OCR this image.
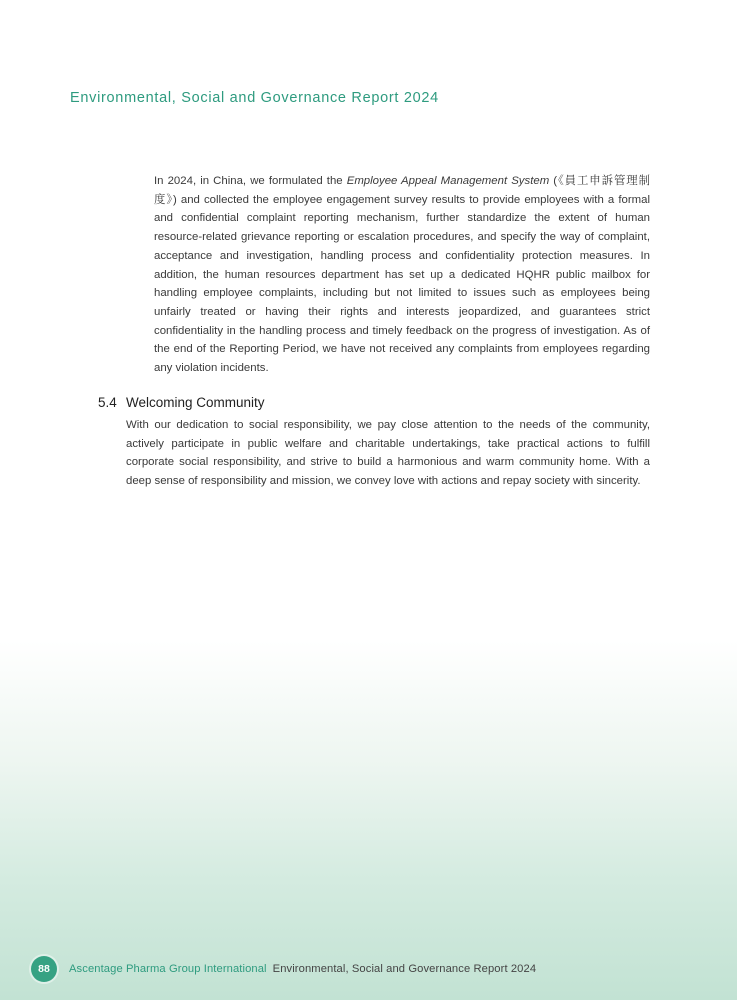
Environmental, Social and Governance Report 2024

In 2024, in China, we formulated the Employee Appeal Management System (《員工申訴管理制度》) and collected the employee engagement survey results to provide employees with a formal and confidential complaint reporting mechanism, further standardize the extent of human resource-related grievance reporting or escalation procedures, and specify the way of complaint, acceptance and investigation, handling process and confidentiality protection measures. In addition, the human resources department has set up a dedicated HQHR public mailbox for handling employee complaints, including but not limited to issues such as employees being unfairly treated or having their rights and interests jeopardized, and guarantees strict confidentiality in the handling process and timely feedback on the progress of investigation. As of the end of the Reporting Period, we have not received any complaints from employees regarding any violation incidents.

5.4 Welcoming Community

With our dedication to social responsibility, we pay close attention to the needs of the community, actively participate in public welfare and charitable undertakings, take practical actions to fulfill corporate social responsibility, and strive to build a harmonious and warm community home. With a deep sense of responsibility and mission, we convey love with actions and repay society with sincerity.

88	Ascentage Pharma Group International Environmental, Social and Governance Report 2024
